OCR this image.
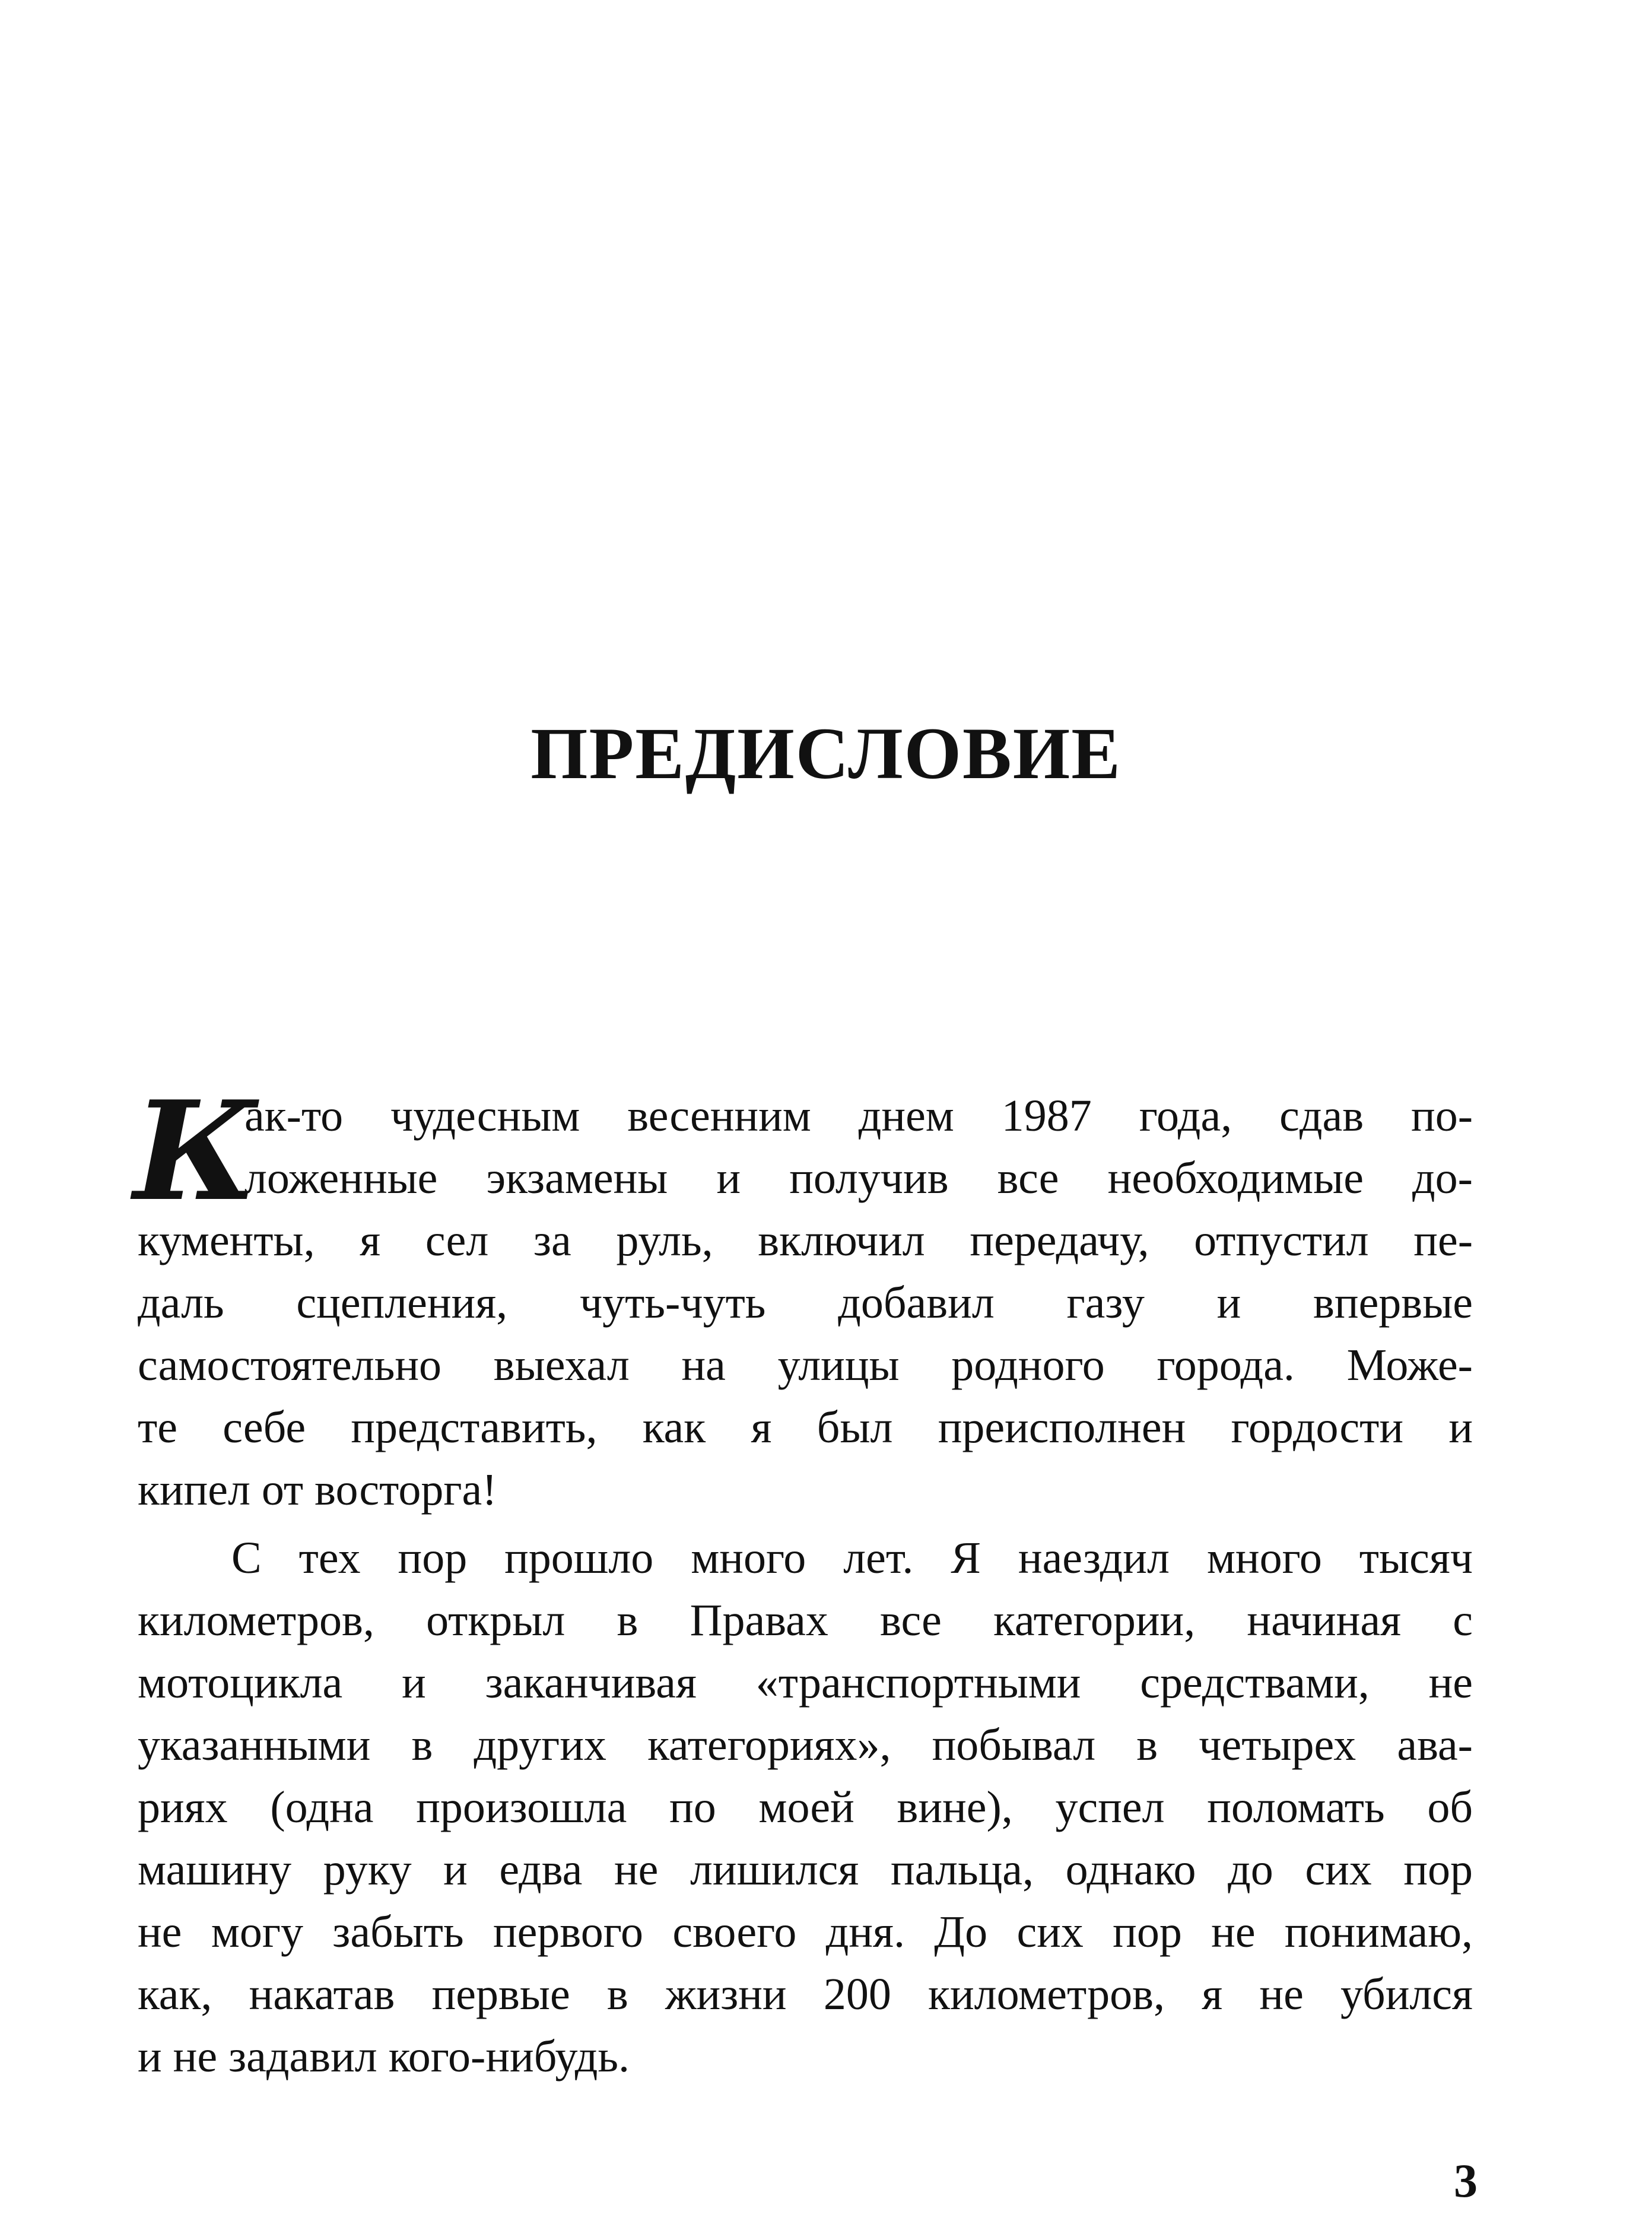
ПРЕДИСЛОВИЕ
К
ак-то чудесным весенним днем 1987 года, сдав по-
ложенные экзамены и получив все необходимые до-
кументы, я сел за руль, включил передачу, отпустил пе-
даль сцепления, чуть-чуть добавил газу и впервые
самостоятельно выехал на улицы родного города. Може-
те себе представить, как я был преисполнен гордости и
кипел от восторга!
С тех пор прошло много лет. Я наездил много тысяч
километров, открыл в Правах все категории, начиная с
мотоцикла и заканчивая «транспортными средствами, не
указанными в других категориях», побывал в четырех ава-
риях (одна произошла по моей вине), успел поломать об
машину руку и едва не лишился пальца, однако до сих пор
не могу забыть первого своего дня. До сих пор не понимаю,
как, накатав первые в жизни 200 километров, я не убился
и не задавил кого-нибудь.
3
